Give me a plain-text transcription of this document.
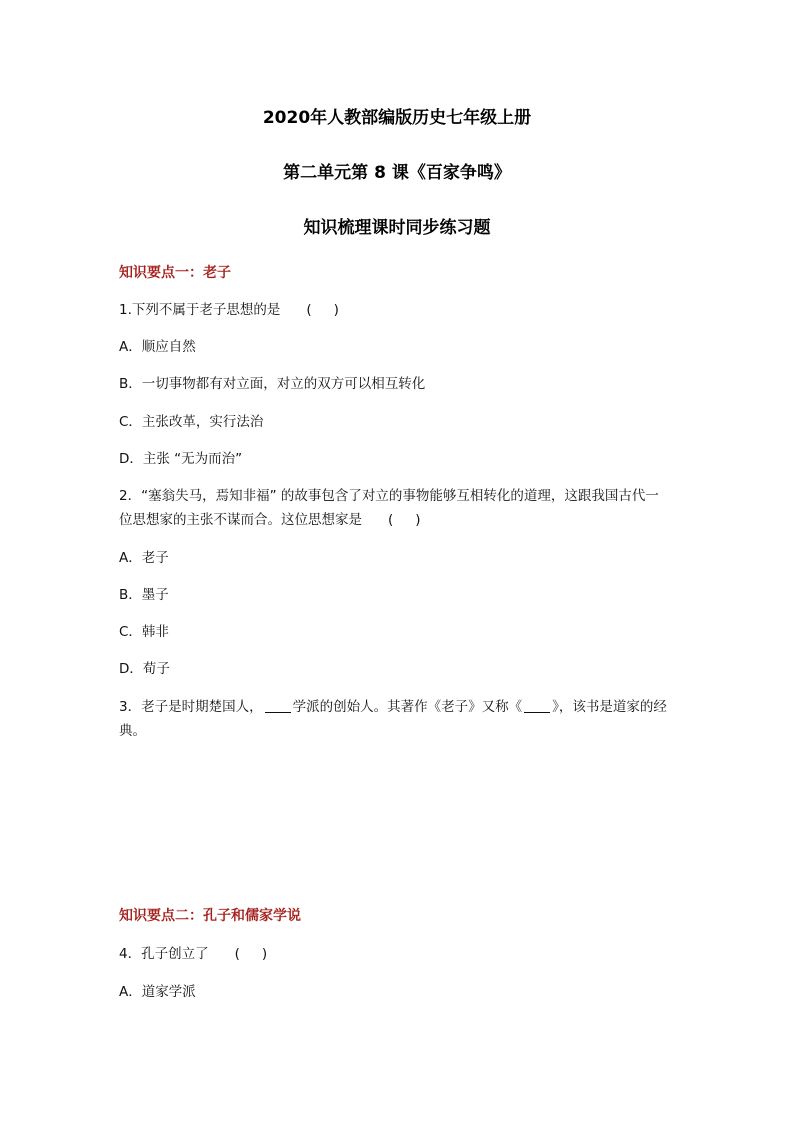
2020年人教部编版历史七年级上册
第二单元第 8 课《百家争鸣》
知识梳理课时同步练习题

知识要点一：老子

1.下列不属于老子思想的是 ( )

A．顺应自然

B．一切事物都有对立面，对立的双方可以相互转化

C．主张改革，实行法治

D．主张 “无为而治”

2．“塞翁失马，焉知非福” 的故事包含了对立的事物能够互相转化的道理，这跟我国古代一

位思想家的主张不谋而合。这位思想家是 ( )

A．老子

B．墨子

C．韩非

D．荀子

3．老子是时期楚国人， 学派的创始人。其著作《老子》又称《 》，该书是道家的经

典。

知识要点二：孔子和儒家学说

4．孔子创立了 ( )

A．道家学派
